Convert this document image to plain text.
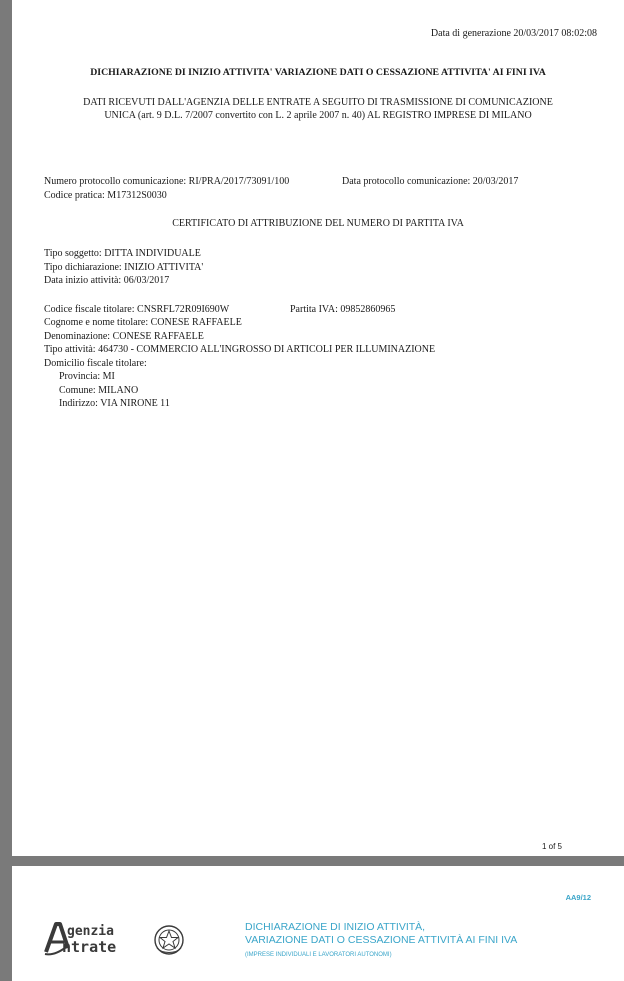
Data di generazione 20/03/2017 08:02:08
DICHIARAZIONE DI INIZIO ATTIVITA' VARIAZIONE DATI O CESSAZIONE ATTIVITA' AI FINI IVA
DATI RICEVUTI DALL'AGENZIA DELLE ENTRATE A SEGUITO DI TRASMISSIONE DI COMUNICAZIONE
UNICA (art. 9 D.L. 7/2007 convertito con L. 2 aprile 2007 n. 40) AL REGISTRO IMPRESE DI MILANO
Numero protocollo comunicazione: RI/PRA/2017/73091/100	Data protocollo comunicazione: 20/03/2017
Codice pratica: M17312S0030
CERTIFICATO DI ATTRIBUZIONE DEL NUMERO DI PARTITA IVA
Tipo soggetto: DITTA INDIVIDUALE
Tipo dichiarazione: INIZIO ATTIVITA'
Data inizio attività: 06/03/2017
Codice fiscale titolare: CNSRFL72R09I690W	Partita IVA: 09852860965
Cognome e nome titolare: CONESE RAFFAELE
Denominazione: CONESE RAFFAELE
Tipo attività: 464730 - COMMERCIO ALL'INGROSSO DI ARTICOLI PER ILLUMINAZIONE
Domicilio fiscale titolare:
Provincia: MI
Comune: MILANO
Indirizzo: VIA NIRONE 11
1 of 5
AA9/12
genzia
ntrate
DICHIARAZIONE DI INIZIO ATTIVITÀ,
VARIAZIONE DATI O CESSAZIONE ATTIVITÀ AI FINI IVA
(IMPRESE INDIVIDUALI E LAVORATORI AUTONOMI)
